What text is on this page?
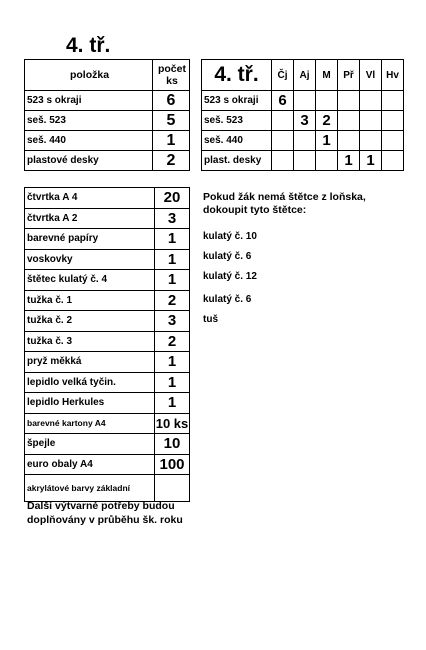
4. tř.
položka	počet ks
523 s okraji	6
seš. 523	5
seš. 440	1
plastové desky	2
4. tř.	Čj	Aj	M	Př	Vl	Hv
523 s okraji	6					
seš. 523		3	2			
seš. 440			1			
plast. desky				1	1	
čtvrtka A 4	20
čtvrtka A 2	3
barevné papíry	1
voskovky	1
štětec kulatý č. 4	1
tužka č. 1	2
tužka č. 2	3
tužka č. 3	2
pryž měkká	1
lepidlo velká tyčin.	1
lepidlo Herkules	1
barevné kartony A4	10 ks
špejle	10
euro obaly A4	100
akrylátové barvy základní	
Pokud žák nemá štětce z loňska, dokoupit tyto štětce:
kulatý č. 10
kulatý č. 6
kulatý č. 12
kulatý č. 6
tuš
Další výtvarné potřeby budou doplňovány v průběhu šk. roku
